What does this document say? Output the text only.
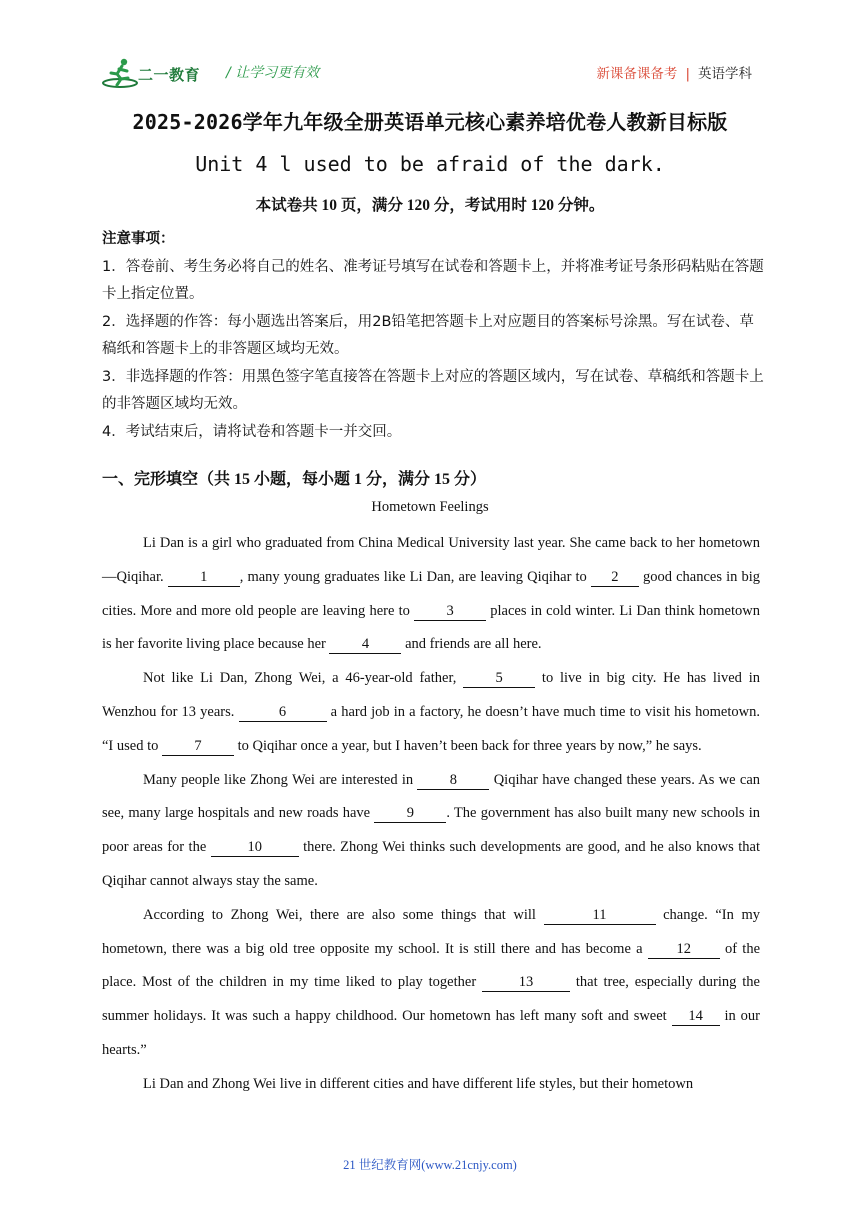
二一教育 / 让学习更有效	新课备课备考 | 英语学科
2025-2026学年九年级全册英语单元核心素养培优卷人教新目标版
Unit 4 l used to be afraid of the dark.
本试卷共 10 页，满分 120 分，考试用时 120 分钟。

注意事项：

1．答卷前、考生务必将自己的姓名、准考证号填写在试卷和答题卡上，并将准考证号条形码粘贴在答题卡上指定位置。

2．选择题的作答：每小题选出答案后，用2B铅笔把答题卡上对应题目的答案标号涂黑。写在试卷、草稿纸和答题卡上的非答题区域均无效。

3．非选择题的作答：用黑色签字笔直接答在答题卡上对应的答题区域内，写在试卷、草稿纸和答题卡上的非答题区域均无效。

4．考试结束后，请将试卷和答题卡一并交回。

一、完形填空（共 15 小题，每小题 1 分，满分 15 分）
Hometown Feelings

Li Dan is a girl who graduated from China Medical University last year. She came back to her hometown—Qiqihar. 1 , many young graduates like Li Dan, are leaving Qiqihar to 2 good chances in big cities. More and more old people are leaving here to 3 places in cold winter. Li Dan think hometown is her favorite living place because her 4 and friends are all here.

Not like Li Dan, Zhong Wei, a 46-year-old father, 5 to live in big city. He has lived in Wenzhou for 13 years.	6	a hard job in a factory, he doesn’t have much time to visit his hometown. “I used to 7 to Qiqihar once a year, but I haven’t been back for three years by now,” he says.

Many people like Zhong Wei are interested in 8 Qiqihar have changed these years. As we can see, many large hospitals and new roads have 9 . The government has also built many new schools in poor areas for the	10	there. Zhong Wei thinks such developments are good, and he also knows that Qiqihar cannot always stay the same.

According to Zhong Wei, there are also some things that will	11	change. “In my hometown, there was a big old tree opposite my school. It is still there and has become a 12 of the place. Most of the children in my time liked to play together	13	that tree, especially during the summer holidays. It was such a happy childhood. Our hometown has left many soft and sweet 14 in our hearts.”

Li Dan and Zhong Wei live in different cities and have different life styles, but their hometown

21 世纪教育网(www.21cnjy.com)
